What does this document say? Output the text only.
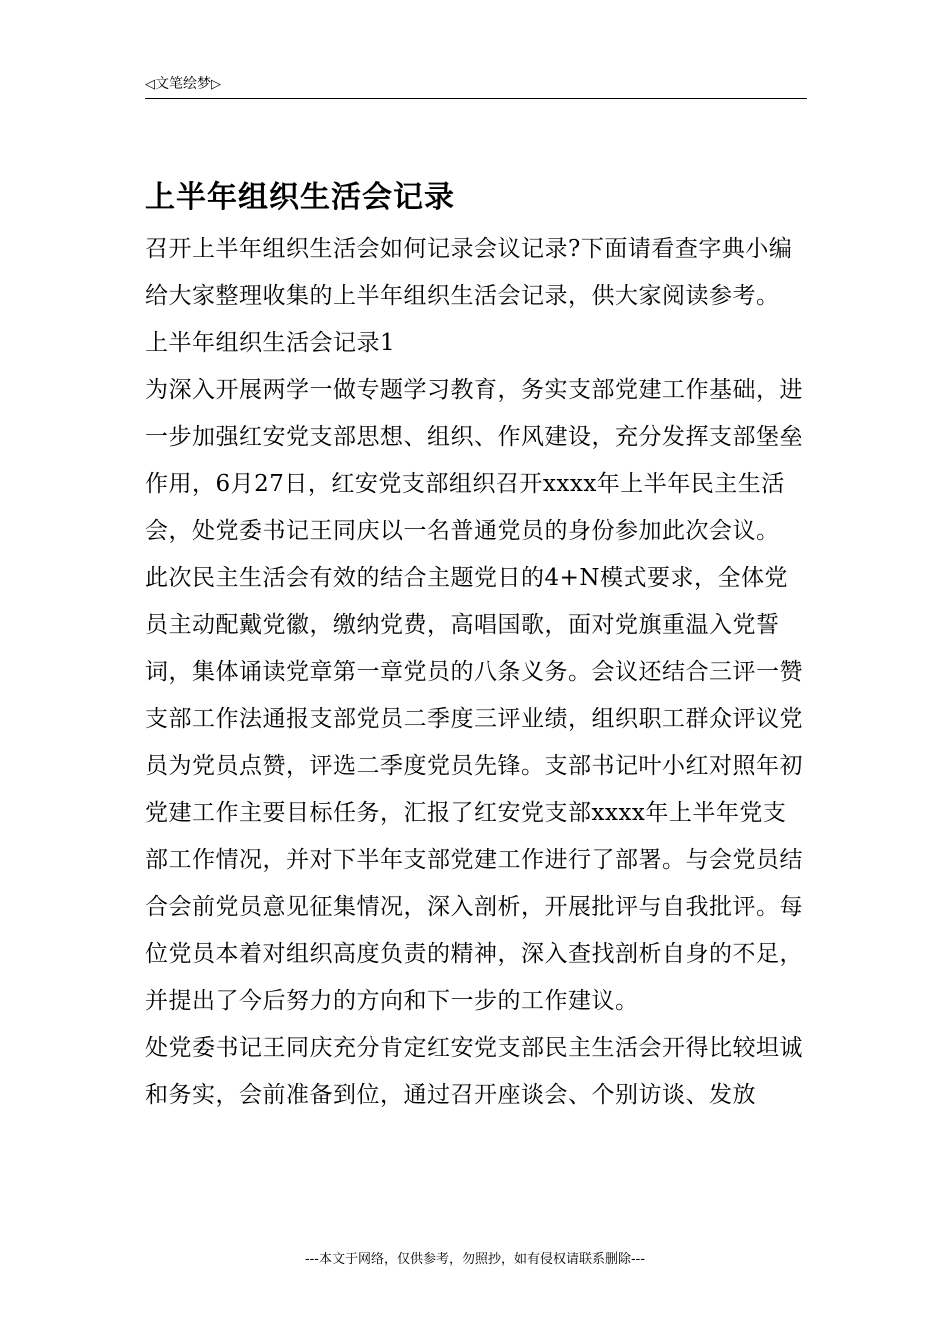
◁文笔绘梦▷
上半年组织生活会记录

召开上半年组织生活会如何记录会议记录?下面请看查字典小编给大家整理收集的上半年组织生活会记录，供大家阅读参考。

上半年组织生活会记录1

为深入开展两学一做专题学习教育，务实支部党建工作基础，进一步加强红安党支部思想、组织、作风建设，充分发挥支部堡垒作用，6月27日，红安党支部组织召开xxxx年上半年民主生活会，处党委书记王同庆以一名普通党员的身份参加此次会议。

此次民主生活会有效的结合主题党日的4+N模式要求，全体党员主动配戴党徽，缴纳党费，高唱国歌，面对党旗重温入党誓词，集体诵读党章第一章党员的八条义务。会议还结合三评一赞支部工作法通报支部党员二季度三评业绩，组织职工群众评议党员为党员点赞，评选二季度党员先锋。支部书记叶小红对照年初党建工作主要目标任务，汇报了红安党支部xxxx年上半年党支部工作情况，并对下半年支部党建工作进行了部署。与会党员结合会前党员意见征集情况，深入剖析，开展批评与自我批评。每位党员本着对组织高度负责的精神，深入查找剖析自身的不足，并提出了今后努力的方向和下一步的工作建议。

处党委书记王同庆充分肯定红安党支部民主生活会开得比较坦诚和务实，会前准备到位，通过召开座谈会、个别访谈、发放

---本文于网络，仅供参考，勿照抄，如有侵权请联系删除---
